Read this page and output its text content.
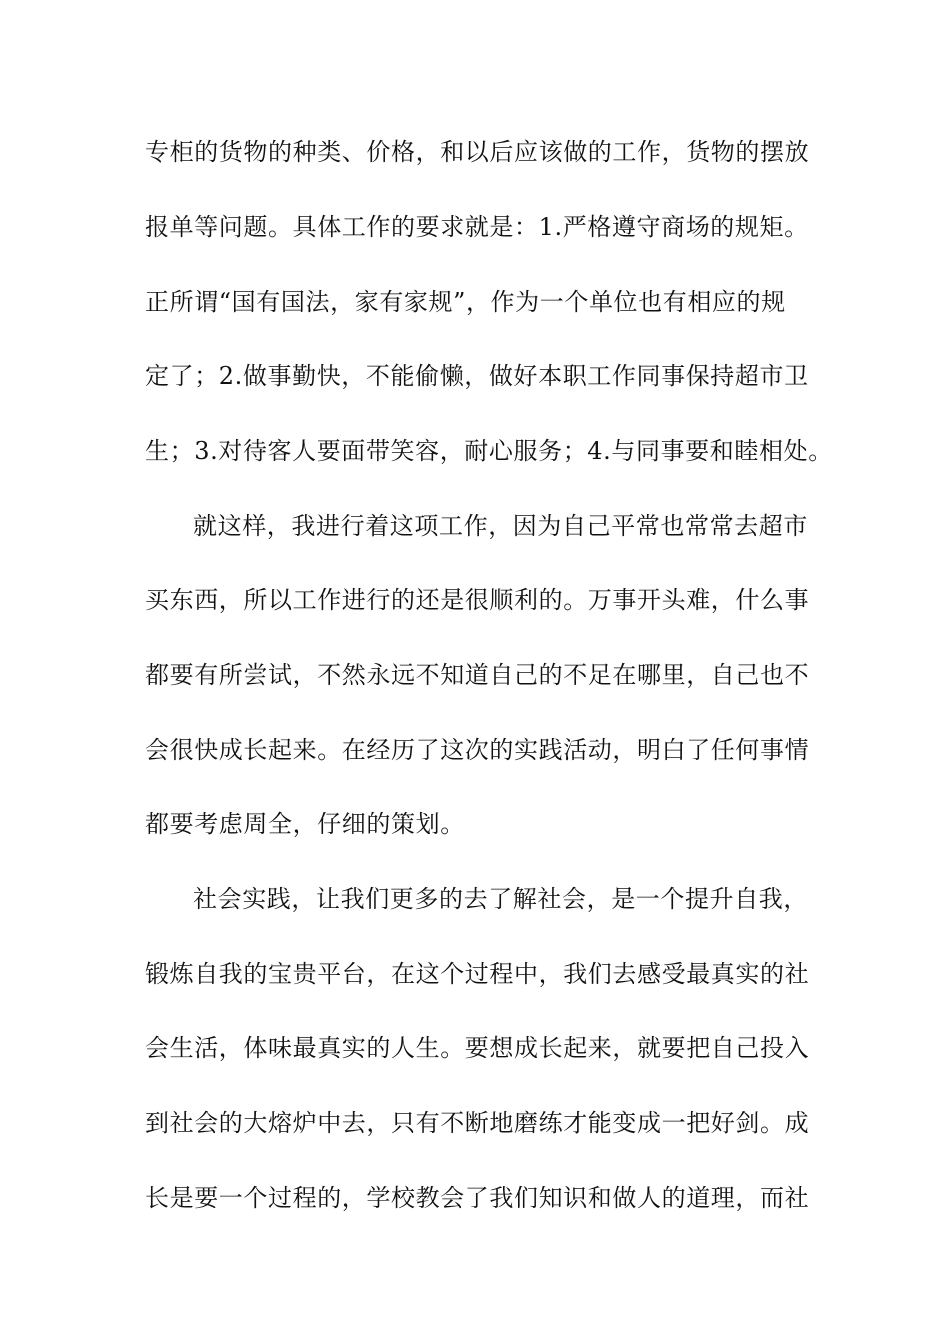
专柜的货物的种类、价格，和以后应该做的工作，货物的摆放
报单等问题。具体工作的要求就是：1.严格遵守商场的规矩。
正所谓“国有国法，家有家规”，作为一个单位也有相应的规
定了；2.做事勤快，不能偷懒，做好本职工作同事保持超市卫
生；3.对待客人要面带笑容，耐心服务；4.与同事要和睦相处。
就这样，我进行着这项工作，因为自己平常也常常去超市
买东西，所以工作进行的还是很顺利的。万事开头难，什么事
都要有所尝试，不然永远不知道自己的不足在哪里，自己也不
会很快成长起来。在经历了这次的实践活动，明白了任何事情
都要考虑周全，仔细的策划。
社会实践，让我们更多的去了解社会，是一个提升自我，
锻炼自我的宝贵平台，在这个过程中，我们去感受最真实的社
会生活，体味最真实的人生。要想成长起来，就要把自己投入
到社会的大熔炉中去，只有不断地磨练才能变成一把好剑。成
长是要一个过程的，学校教会了我们知识和做人的道理，而社
